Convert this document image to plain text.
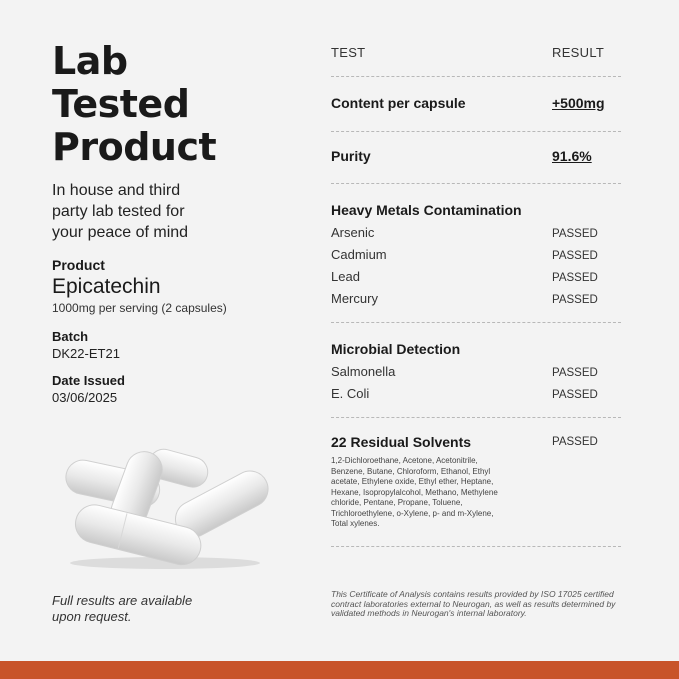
Lab
Tested
Product
In house and third
party lab tested for
your peace of mind
Product
Epicatechin
1000mg per serving (2 capsules)
Batch
DK22-ET21
Date Issued
03/06/2025
Full results are available
upon request.
TEST	RESULT
Content per capsule	+500mg
Purity	91.6%
Heavy Metals Contamination
Arsenic	PASSED
Cadmium	PASSED
Lead	PASSED
Mercury	PASSED
Microbial Detection
Salmonella	PASSED
E. Coli	PASSED
22 Residual Solvents	PASSED
1,2-Dichloroethane, Acetone, Acetonitrile, Benzene, Butane, Chloroform, Ethanol, Ethyl acetate, Ethylene oxide, Ethyl ether, Heptane, Hexane, Isopropylalcohol, Methano, Methylene chloride, Pentane, Propane, Toluene, Trichloroethylene, o-Xylene, p- and m-Xylene, Total xylenes.
This Certificate of Analysis contains results provided by ISO 17025 certified contract laboratories external to Neurogan, as well as results determined by validated methods in Neurogan's internal laboratory.
